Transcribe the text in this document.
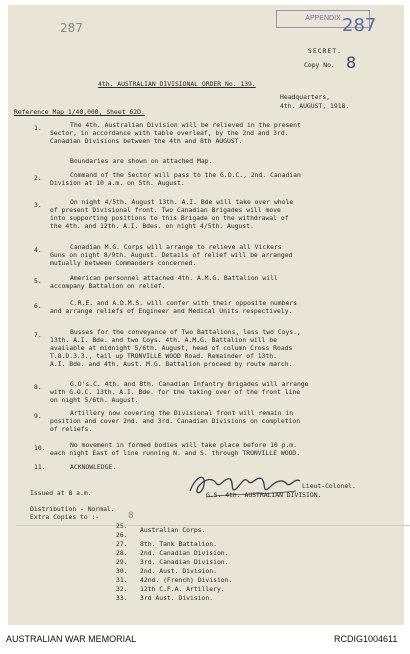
287
APPENDIX 287
SECRET.
Copy No. 8
4th. AUSTRALIAN DIVISIONAL ORDER No. 139.
Headquarters,
4th. AUGUST, 1918.
Reference Map 1/40,000, Sheet 62D.
1.	The 4th. Australian Division will be relieved in the present
Sector, in accordance with table overleaf, by the 2nd and 3rd.
Canadian Divisions between the 4th and 8th AUGUST.
Boundaries are shown on attached Map.
2.	Command of the Sector will pass to the G.O.C., 2nd. Canadian
Division at 10 a.m. on 5th. August.
3.	On night 4/5th. August 13th. A.I. Bde will take over whole
of present Divisional front. Two Canadian Brigades will move
into supporting positions to this Brigade on the withdrawal of
the 4th. and 12th. A.I. Bdes. on night 4/5th. August.
4.	Canadian M.G. Corps will arrange to relieve all Vickers
Guns on night 8/9th. August. Details of relief will be arranged
mutually between Commanders concerned.
5.	American personnel attached 4th. A.M.G. Battalion will
accompany Battalion on relief.
6.	C.R.E. and A.D.M.S. will confer with their opposite numbers
and arrange reliefs of Engineer and Medical Units respectively.
7.	Busses for the conveyance of Two Battalions, less two Coys.,
13th. A.I. Bde. and two Coys. 4th. A.M.G. Battalion will be
available at midnight 5/6th. August, head of column Cross Roads
T.8.D.3.3., tail up TRONVILLE WOOD Road. Remainder of 13th.
A.I. Bde. and 4th. Aust. M.G. Battalion proceed by route march.
8.	G.O's.C. 4th. and 8th. Canadian Infantry Brigades will arrange
with G.O.C. 13th. A.I. Bde. for the taking over of the front line
on night 5/6th. August.
9.	Artillery now covering the Divisional front will remain in
position and cover 2nd. and 3rd. Canadian Divisions on completion
of reliefs.
10.	No movement in formed bodies will take place before 10 p.m.
each night East of line running N. and S. through TRONVILLE WOOD.
11.	ACKNOWLEDGE.
Lieut-Colonel.
G.S. 4th. AUSTRALIAN DIVISION.
Issued at 8 a.m.
Distribution - Normal.
Extra Copies to :-	8
25. Australian Corps.
26.
27. 8th. Tank Battalion.
28. 2nd. Canadian Division.
29. 3rd. Canadian Division.
30. 2nd. Aust. Division.
31. 42nd. (French) Division.
32. 12th C.F.A. Artillery.
33. 3rd Aust. Division.
AUSTRALIAN WAR MEMORIAL	RCDIG1004611
